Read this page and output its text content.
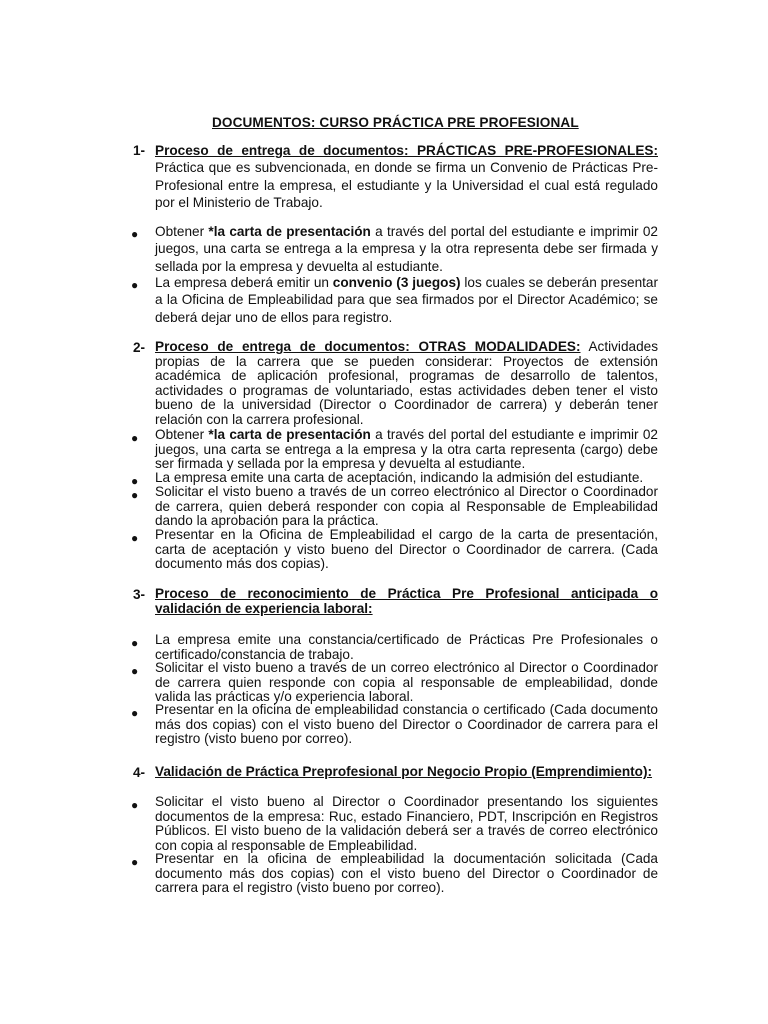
DOCUMENTOS: CURSO PRÁCTICA PRE PROFESIONAL
1- Proceso de entrega de documentos: PRÁCTICAS PRE-PROFESIONALES: Práctica que es subvencionada, en donde se firma un Convenio de Prácticas Pre-Profesional entre la empresa, el estudiante y la Universidad el cual está regulado por el Ministerio de Trabajo.
● Obtener *la carta de presentación a través del portal del estudiante e imprimir 02 juegos, una carta se entrega a la empresa y la otra representa debe ser firmada y sellada por la empresa y devuelta al estudiante.
● La empresa deberá emitir un convenio (3 juegos) los cuales se deberán presentar a la Oficina de Empleabilidad para que sea firmados por el Director Académico; se deberá dejar uno de ellos para registro.
2- Proceso de entrega de documentos: OTRAS MODALIDADES: Actividades propias de la carrera que se pueden considerar: Proyectos de extensión académica de aplicación profesional, programas de desarrollo de talentos, actividades o programas de voluntariado, estas actividades deben tener el visto bueno de la universidad (Director o Coordinador de carrera) y deberán tener relación con la carrera profesional.
● Obtener *la carta de presentación a través del portal del estudiante e imprimir 02 juegos, una carta se entrega a la empresa y la otra carta representa (cargo) debe ser firmada y sellada por la empresa y devuelta al estudiante.
● La empresa emite una carta de aceptación, indicando la admisión del estudiante.
● Solicitar el visto bueno a través de un correo electrónico al Director o Coordinador de carrera, quien deberá responder con copia al Responsable de Empleabilidad dando la aprobación para la práctica.
● Presentar en la Oficina de Empleabilidad el cargo de la carta de presentación, carta de aceptación y visto bueno del Director o Coordinador de carrera. (Cada documento más dos copias).
3- Proceso de reconocimiento de Práctica Pre Profesional anticipada o validación de experiencia laboral:
● La empresa emite una constancia/certificado de Prácticas Pre Profesionales o certificado/constancia de trabajo.
● Solicitar el visto bueno a través de un correo electrónico al Director o Coordinador de carrera quien responde con copia al responsable de empleabilidad, donde valida las prácticas y/o experiencia laboral.
● Presentar en la oficina de empleabilidad constancia o certificado (Cada documento más dos copias) con el visto bueno del Director o Coordinador de carrera para el registro (visto bueno por correo).
4- Validación de Práctica Preprofesional por Negocio Propio (Emprendimiento):
● Solicitar el visto bueno al Director o Coordinador presentando los siguientes documentos de la empresa: Ruc, estado Financiero, PDT, Inscripción en Registros Públicos. El visto bueno de la validación deberá ser a través de correo electrónico con copia al responsable de Empleabilidad.
● Presentar en la oficina de empleabilidad la documentación solicitada (Cada documento más dos copias) con el visto bueno del Director o Coordinador de carrera para el registro (visto bueno por correo).
